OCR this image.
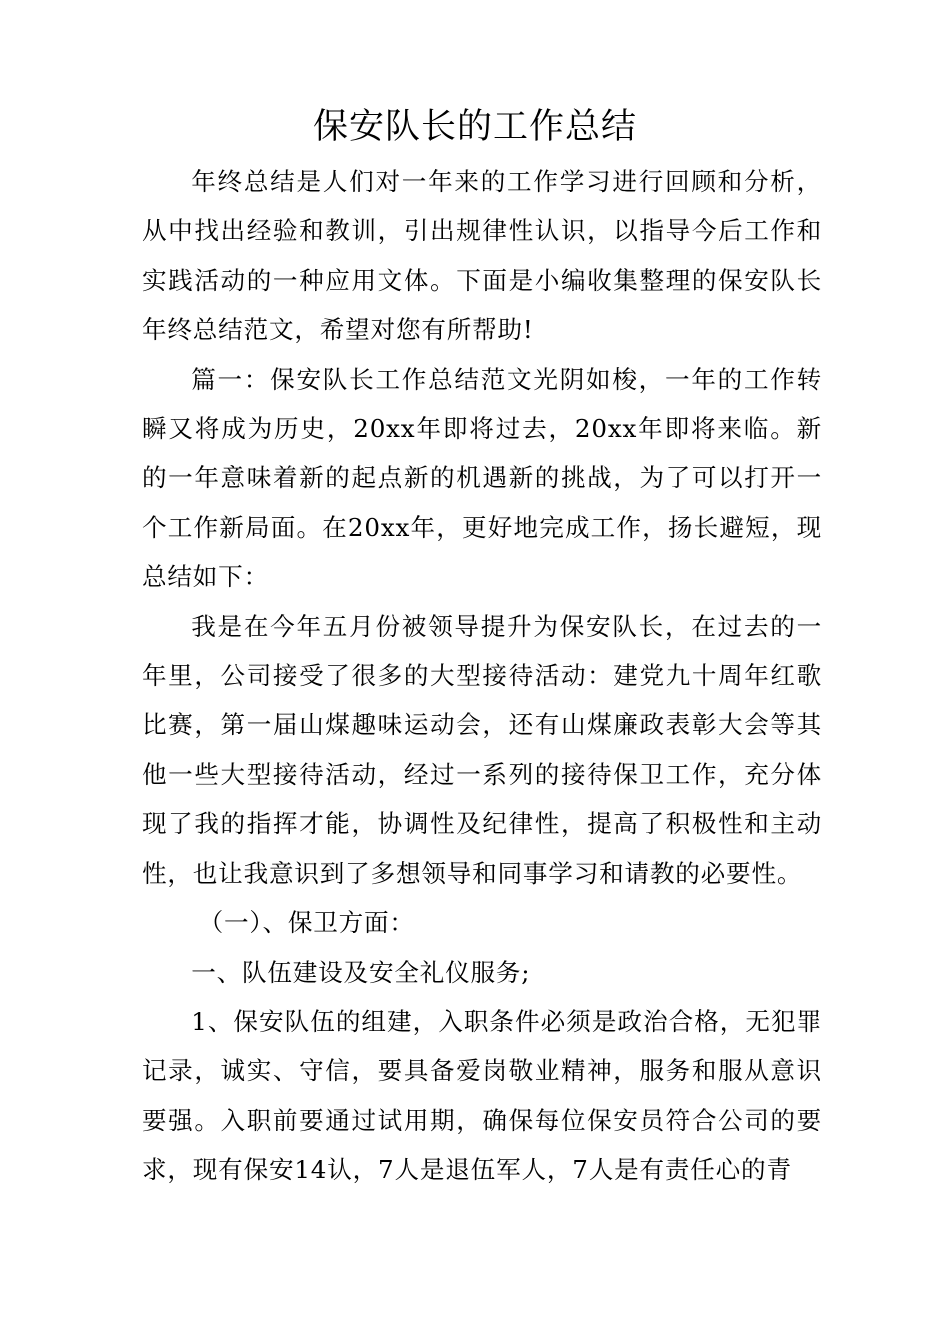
保安队长的工作总结

年终总结是人们对一年来的工作学习进行回顾和分析，从中找出经验和教训，引出规律性认识，以指导今后工作和实践活动的一种应用文体。下面是小编收集整理的保安队长年终总结范文，希望对您有所帮助!

篇一：保安队长工作总结范文光阴如梭，一年的工作转瞬又将成为历史，20xx年即将过去，20xx年即将来临。新的一年意味着新的起点新的机遇新的挑战，为了可以打开一个工作新局面。在20xx年，更好地完成工作，扬长避短，现总结如下：

我是在今年五月份被领导提升为保安队长，在过去的一年里，公司接受了很多的大型接待活动：建党九十周年红歌比赛，第一届山煤趣味运动会，还有山煤廉政表彰大会等其他一些大型接待活动，经过一系列的接待保卫工作，充分体现了我的指挥才能，协调性及纪律性，提高了积极性和主动性，也让我意识到了多想领导和同事学习和请教的必要性。

（一）、保卫方面：

一、队伍建设及安全礼仪服务;

1、保安队伍的组建，入职条件必须是政治合格，无犯罪记录，诚实、守信，要具备爱岗敬业精神，服务和服从意识要强。入职前要通过试用期，确保每位保安员符合公司的要求，现有保安14认，7人是退伍军人，7人是有责任心的青
